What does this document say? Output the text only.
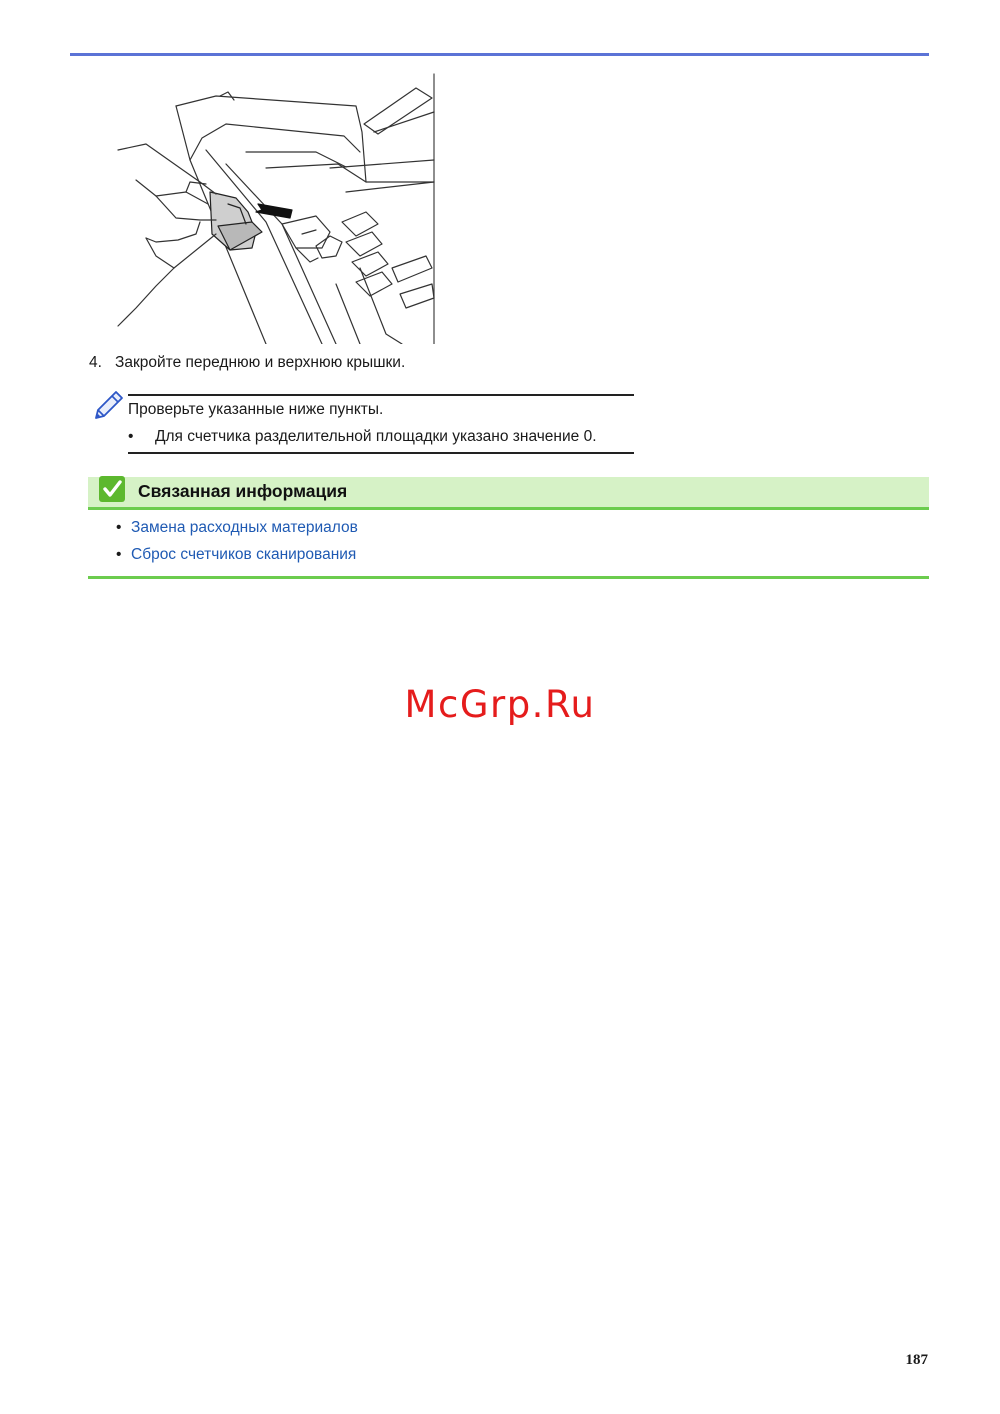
4. Закройте переднюю и верхнюю крышки.
Проверьте указанные ниже пункты.
• Для счетчика разделительной площадки указано значение 0.
Связанная информация
• Замена расходных материалов
• Сброс счетчиков сканирования
McGrp.Ru
187
